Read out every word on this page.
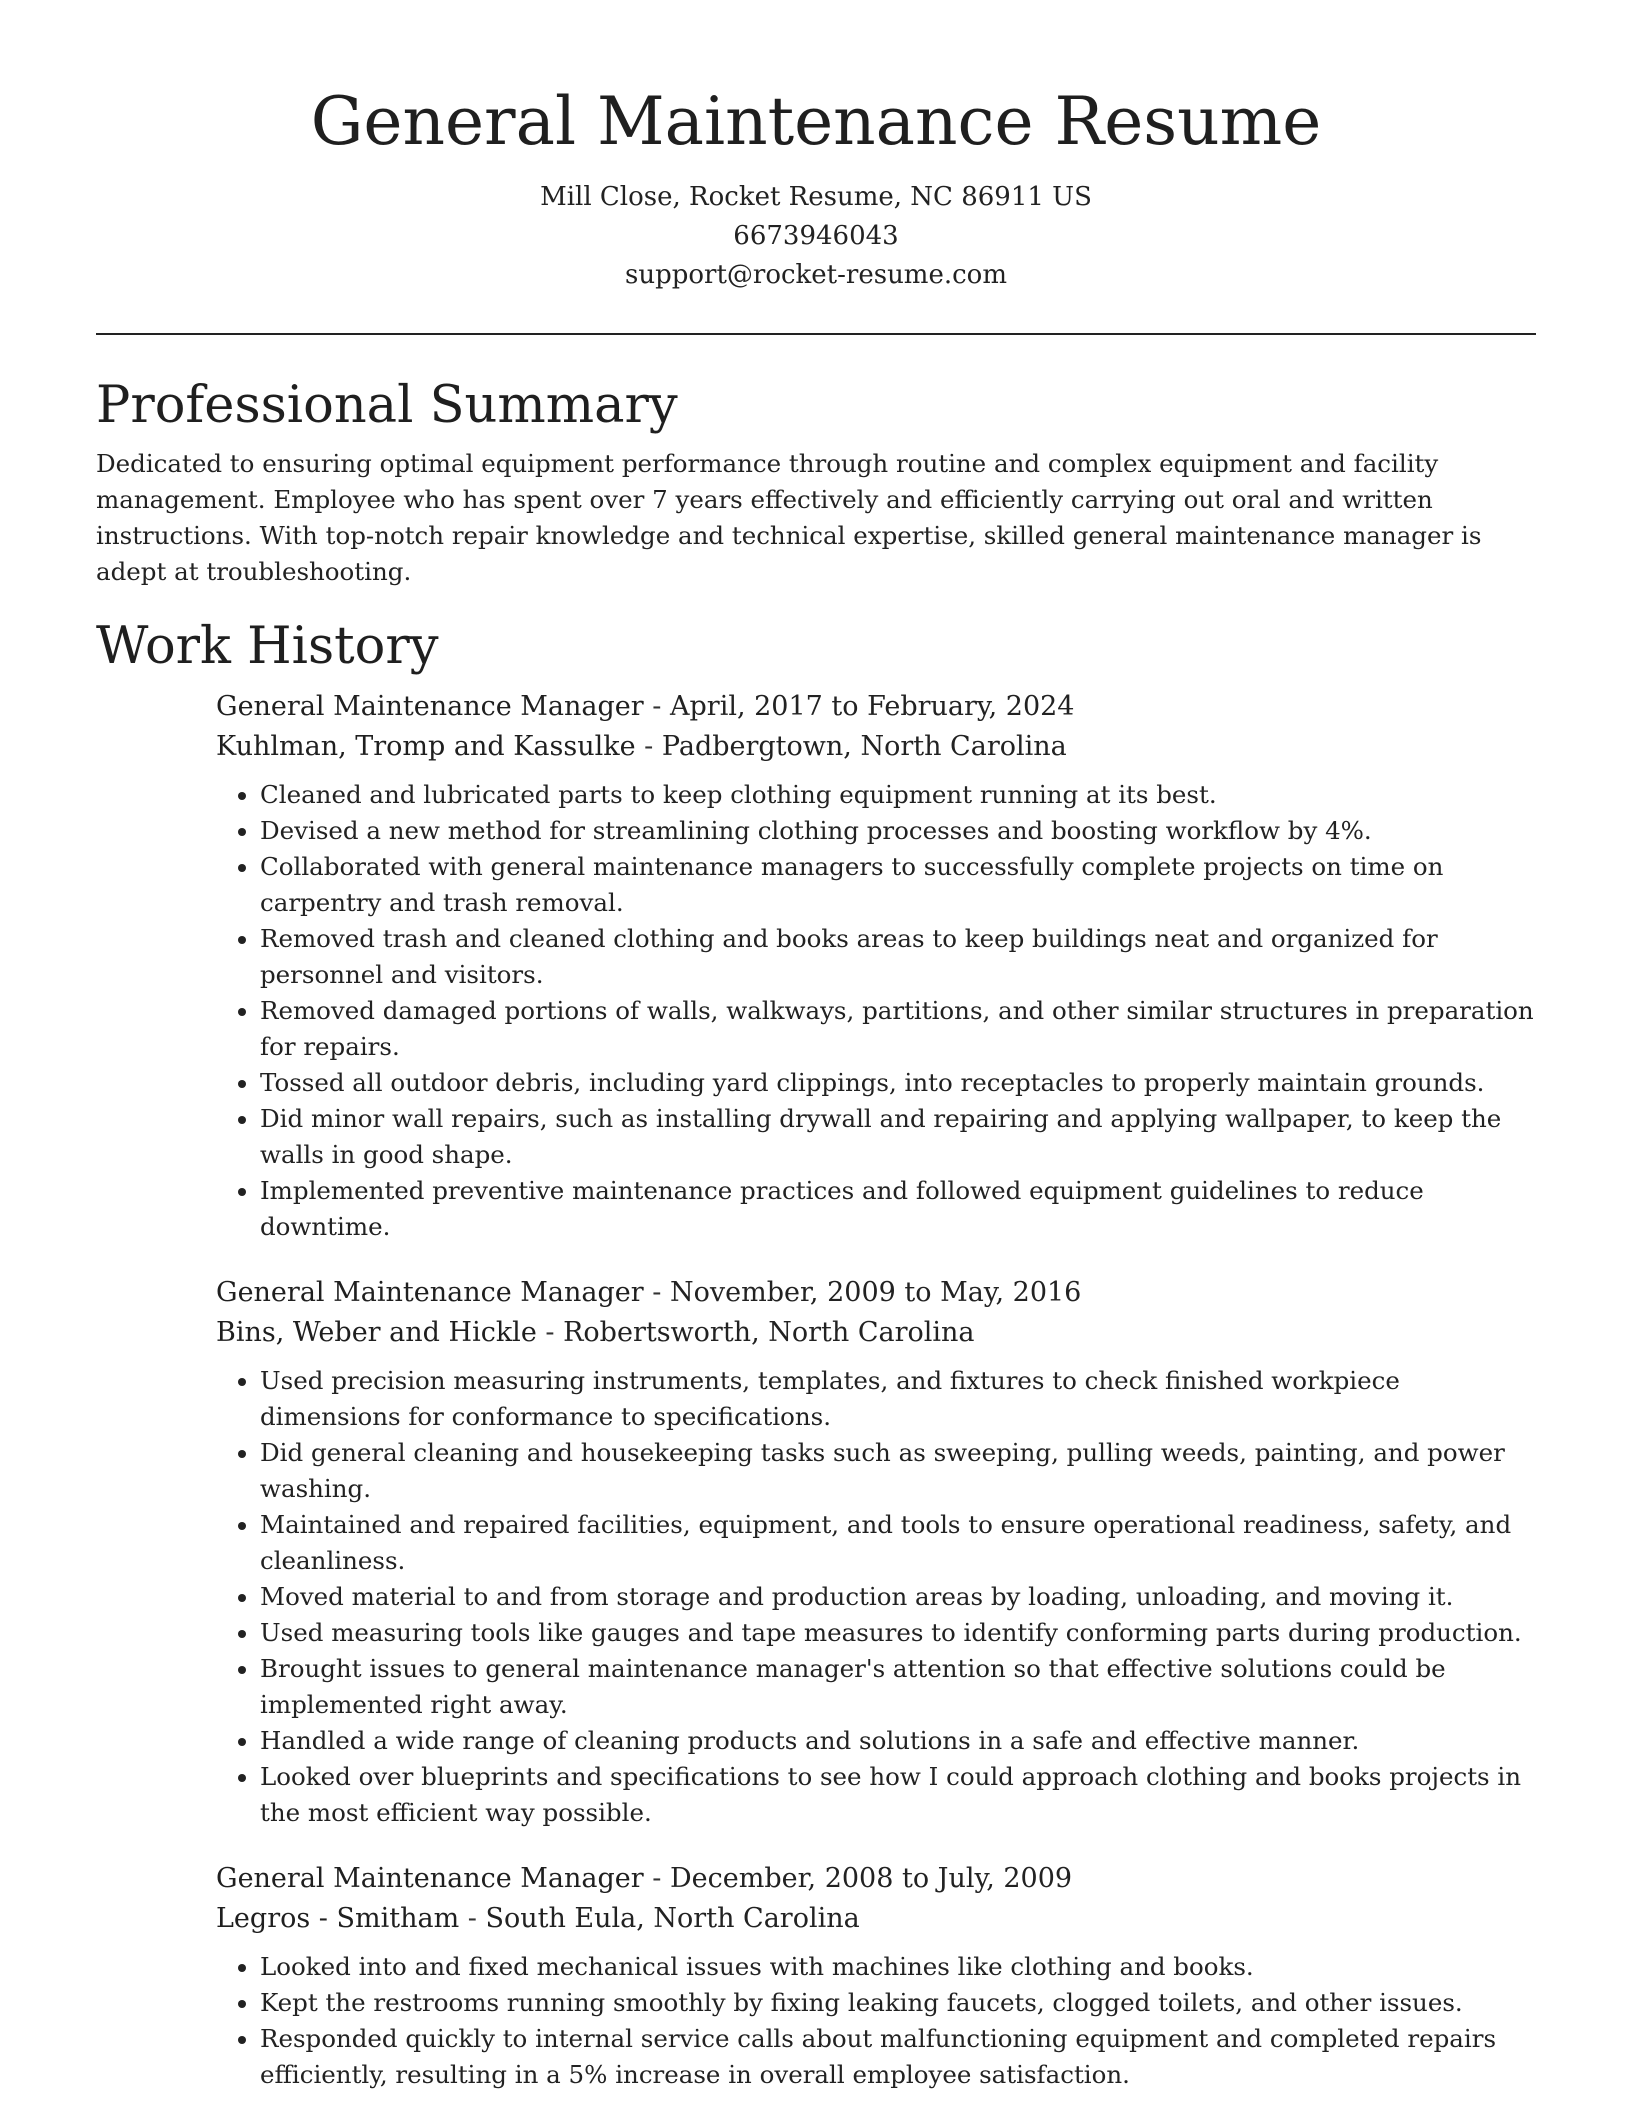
General Maintenance Resume
Mill Close, Rocket Resume, NC 86911 US
6673946043
support@rocket-resume.com
Professional Summary

Dedicated to ensuring optimal equipment performance through routine and complex equipment and facility management. Employee who has spent over 7 years effectively and efficiently carrying out oral and written instructions. With top-notch repair knowledge and technical expertise, skilled general maintenance manager is adept at troubleshooting.

Work History
General Maintenance Manager - April, 2017 to February, 2024
Kuhlman, Tromp and Kassulke - Padbergtown, North Carolina
• Cleaned and lubricated parts to keep clothing equipment running at its best.
• Devised a new method for streamlining clothing processes and boosting workflow by 4%.
• Collaborated with general maintenance managers to successfully complete projects on time on carpentry and trash removal.
• Removed trash and cleaned clothing and books areas to keep buildings neat and organized for personnel and visitors.
• Removed damaged portions of walls, walkways, partitions, and other similar structures in preparation for repairs.
• Tossed all outdoor debris, including yard clippings, into receptacles to properly maintain grounds.
• Did minor wall repairs, such as installing drywall and repairing and applying wallpaper, to keep the walls in good shape.
• Implemented preventive maintenance practices and followed equipment guidelines to reduce downtime.
General Maintenance Manager - November, 2009 to May, 2016
Bins, Weber and Hickle - Robertsworth, North Carolina
• Used precision measuring instruments, templates, and fixtures to check finished workpiece dimensions for conformance to specifications.
• Did general cleaning and housekeeping tasks such as sweeping, pulling weeds, painting, and power washing.
• Maintained and repaired facilities, equipment, and tools to ensure operational readiness, safety, and cleanliness.
• Moved material to and from storage and production areas by loading, unloading, and moving it.
• Used measuring tools like gauges and tape measures to identify conforming parts during production.
• Brought issues to general maintenance manager's attention so that effective solutions could be implemented right away.
• Handled a wide range of cleaning products and solutions in a safe and effective manner.
• Looked over blueprints and specifications to see how I could approach clothing and books projects in the most efficient way possible.
General Maintenance Manager - December, 2008 to July, 2009
Legros - Smitham - South Eula, North Carolina
• Looked into and fixed mechanical issues with machines like clothing and books.
• Kept the restrooms running smoothly by fixing leaking faucets, clogged toilets, and other issues.
• Responded quickly to internal service calls about malfunctioning equipment and completed repairs efficiently, resulting in a 5% increase in overall employee satisfaction.
